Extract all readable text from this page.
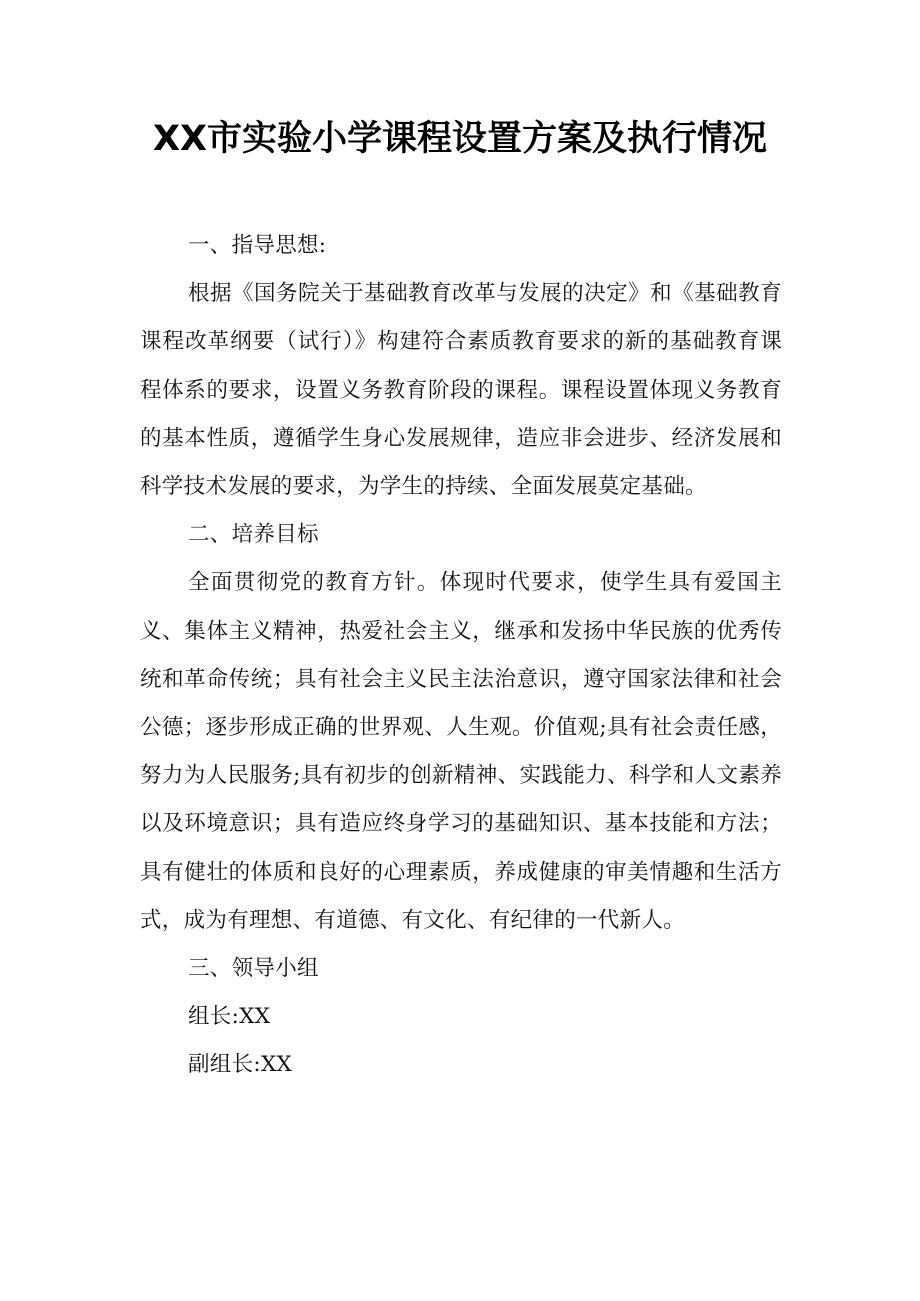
XX市实验小学课程设置方案及执行情况

一、指导思想:

根据《国务院关于基础教育改革与发展的决定》和《基础教育课程改革纲要（试行）》构建符合素质教育要求的新的基础教育课程体系的要求，设置义务教育阶段的课程。课程设置体现义务教育的基本性质，遵循学生身心发展规律，造应非会进步、经济发展和科学技术发展的要求，为学生的持续、全面发展莫定基础。

二、培养目标

全面贯彻党的教育方针。体现时代要求，使学生具有爱国主义、集体主义精神，热爱社会主义，继承和发扬中华民族的优秀传统和革命传统；具有社会主义民主法治意识，遵守国家法律和社会公德；逐步形成正确的世界观、人生观。价值观;具有社会责任感，努力为人民服务;具有初步的创新精神、实践能力、科学和人文素养以及环境意识；具有造应终身学习的基础知识、基本技能和方法；具有健壮的体质和良好的心理素质，养成健康的审美情趣和生活方式，成为有理想、有道德、有文化、有纪律的一代新人。

三、领导小组

组长:XX

副组长:XX
